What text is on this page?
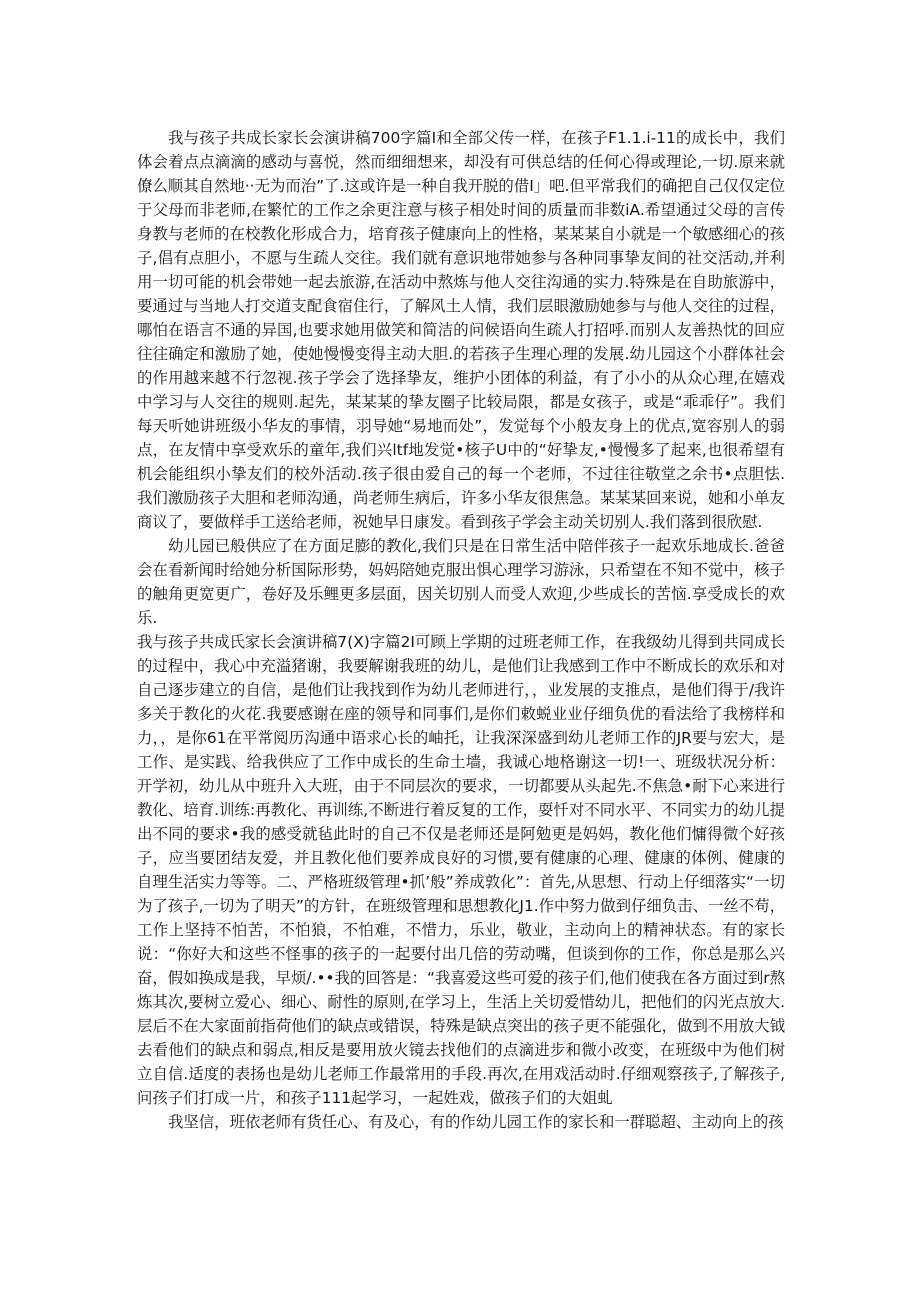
我与孩子共成长家长会演讲稿700字篇I和全部父传一样，在孩子F1.1.i-11的成长中，我们体会着点点滴滴的感动与喜悦，然而细细想来，却没有可供总结的任何心得或理论,一切.原来就僚么顺其自然地··无为而治”了.这或许是一种自我开脱的借I」吧.但平常我们的确把自己仅仅定位于父母而非老师,在繁忙的工作之余更注意与核子相处时间的质量而非数iA.希望通过父母的言传身教与老师的在校教化形成合力，培育孩子健康向上的性格，某某某自小就是一个敏感细心的孩子,倡有点胆小，不愿与生疏人交往。我们就有意识地带她参与各种同事挚友间的社交活动,并利用一切可能的机会带她一起去旅游,在活动中熬炼与他人交往沟通的实力.特殊是在自助旅游中，要通过与当地人打交道支配食宿住行，了解风土人情，我们层眼激励她参与与他人交往的过程，哪怕在语言不通的异国,也要求她用做笑和简洁的问候语向生疏人打招呼.而别人友善热忱的回应往往确定和激励了她，使她慢慢变得主动大胆.的若孩子生理心理的发展.幼儿园这个小群体社会的作用越来越不行忽视.孩子学会了选择挚友，维护小团体的利益，有了小小的从众心理,在嬉戏中学习与人交往的规则.起先，某某某的挚友圈子比较局限，都是女孩子，或是“乖乖仔”。我们每天听她讲班级小华友的事情，羽导她“易地而处”，发觉每个小般友身上的优点,宽容别人的弱点，在友情中享受欢乐的童年,我们兴ltf地发觉•核子U中的“好挚友,•慢慢多了起来,也很希望有机会能组织小挚友们的校外活动.孩子很由爱自己的每一个老师，不过往往敬堂之余书•点胆怯.我们激励孩子大胆和老师沟通，尚老师生病后，许多小华友很焦急。某某某回来说，她和小单友商议了，要做样手工送给老师，祝她早日康发。看到孩子学会主动关切别人.我们落到很欣慰.

幼儿园已般供应了在方面足膨的教化,我们只是在日常生活中陪伴孩子一起欢乐地成长.爸爸会在看新闻时给她分析国际形势，妈妈陪她克服出惧心理学习游泳，只希望在不知不觉中，核子的触角更宽更广，卷好及乐鲤更多层面，因关切别人而受人欢迎,少些成长的苦恼.享受成长的欢乐.

我与孩子共成氏家长会演讲稿7(X)字篇2I可顾上学期的过班老师工作，在我级幼儿得到共同成长的过程中，我心中充溢猪谢，我要解谢我班的幼儿，是他们让我感到工作中不断成长的欢乐和对自己逐步建立的自信，是他们让我找到作为幼儿老师进行，，业发展的支推点，是他们得于/我许多关于教化的火花.我要感谢在座的领导和同事们,是你们敕蜕业业仔细负优的看法给了我榜样和力，，是你61在平常阅历沟通中语求心长的岫托，让我深深盛到幼儿老师工作的JR要与宏大，是工作、是实践、给我供应了工作中成长的生命土墙，我诚心地格谢这一切!一、班级状况分析：开学初，幼儿从中班升入大班，由于不同层次的要求，一切都要从头起先.不焦急•耐下心来进行教化、培育.训练:再教化、再训练,不断进行着反复的工作，耍忏对不同水平、不同实力的幼儿提出不同的要求•我的感受就毡此时的自己不仅是老师还是阿勉更是妈妈，教化他们慵得微个好孩子，应当要团结友爱，并且教化他们要养成良好的习惯,要有健康的心理、健康的体例、健康的自理生活实力等等。二、严格班级管理•抓’般”养成敦化”：首先,从思想、行动上仔细落实“一切为了孩子,一切为了明天”的方针，在班级管理和思想教化J1.作中努力做到仔细负击、一丝不苟，工作上坚持不怕苦，不怕狼，不怕难，不惜力，乐业，敬业，主动向上的精神状态。有的家长说：“你好大和这些不怪事的孩子的一起要付出几倍的劳动嘴，但谈到你的工作，你总是那么兴奋，假如换成是我，早烦/.••我的回答是：“我喜爱这些可爱的孩子们,他们使我在各方面过到r熬炼其次,要树立爱心、细心、耐性的原则,在学习上，生活上关切爱惜幼儿，把他们的闪光点放大.层后不在大家面前指荷他们的缺点或错误，特殊是缺点突出的孩子更不能强化，做到不用放大钺去看他们的缺点和弱点,相反是要用放火镜去找他们的点滴进步和微小改变，在班级中为他们树立自信.适度的表扬也是幼儿老师工作最常用的手段.再次,在用戏活动时.仔细观察孩子,了解孩子,问孩子们打成一片，和孩子111起学习，一起姓戏，做孩子们的大姐虬

我坚信，班依老师有货任心、有及心，有的作幼儿园工作的家长和一群聪超、主动向上的孩
